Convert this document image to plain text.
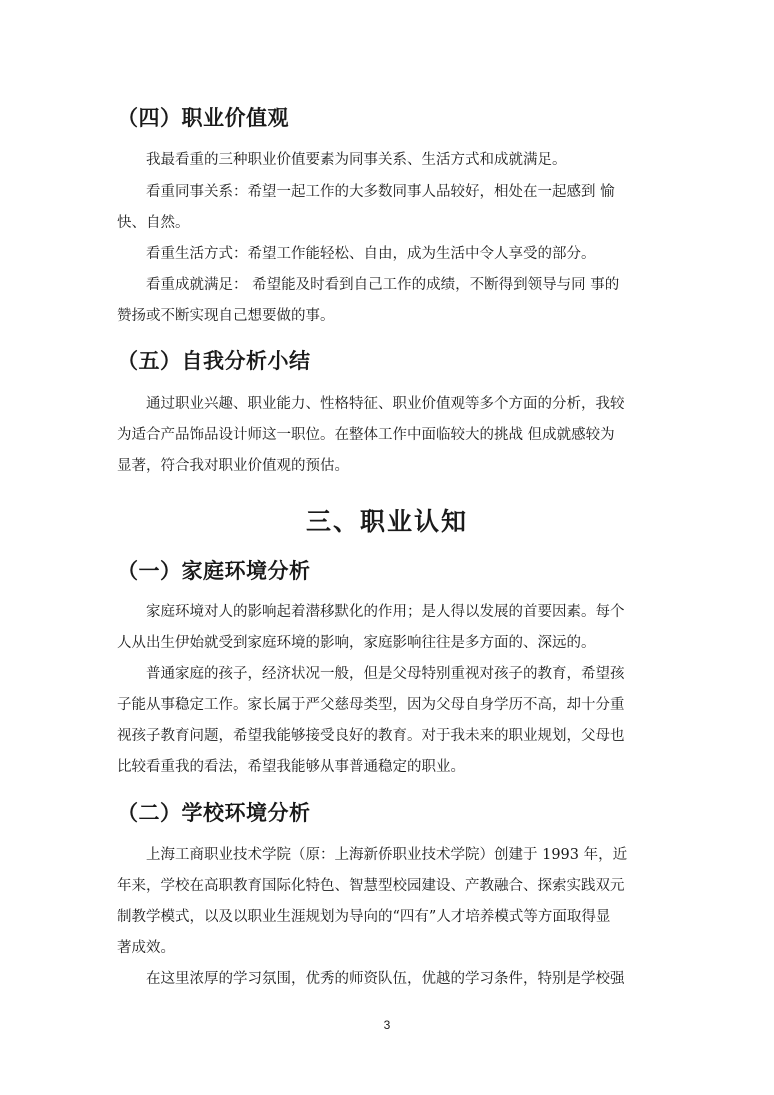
（四）职业价值观
我最看重的三种职业价值要素为同事关系、生活方式和成就满足。
看重同事关系：希望一起工作的大多数同事人品较好，相处在一起感到 愉
快、自然。
看重生活方式：希望工作能轻松、自由，成为生活中令人享受的部分。
看重成就满足： 希望能及时看到自己工作的成绩，不断得到领导与同 事的
赞扬或不断实现自己想要做的事。
（五）自我分析小结
通过职业兴趣、职业能力、性格特征、职业价值观等多个方面的分析，我较
为适合产品饰品设计师这一职位。在整体工作中面临较大的挑战 但成就感较为
显著，符合我对职业价值观的预估。
三、职业认知
（一）家庭环境分析
家庭环境对人的影响起着潜移默化的作用；是人得以发展的首要因素。每个
人从出生伊始就受到家庭环境的影响，家庭影响往往是多方面的、深远的。
普通家庭的孩子，经济状况一般，但是父母特别重视对孩子的教育，希望孩
子能从事稳定工作。家长属于严父慈母类型，因为父母自身学历不高，却十分重
视孩子教育问题，希望我能够接受良好的教育。对于我未来的职业规划，父母也
比较看重我的看法，希望我能够从事普通稳定的职业。
（二）学校环境分析
上海工商职业技术学院（原：上海新侨职业技术学院）创建于 1993 年，近
年来，学校在高职教育国际化特色、智慧型校园建设、产教融合、探索实践双元
制教学模式，以及以职业生涯规划为导向的“四有”人才培养模式等方面取得显
著成效。
在这里浓厚的学习氛围，优秀的师资队伍，优越的学习条件，特别是学校强
3
